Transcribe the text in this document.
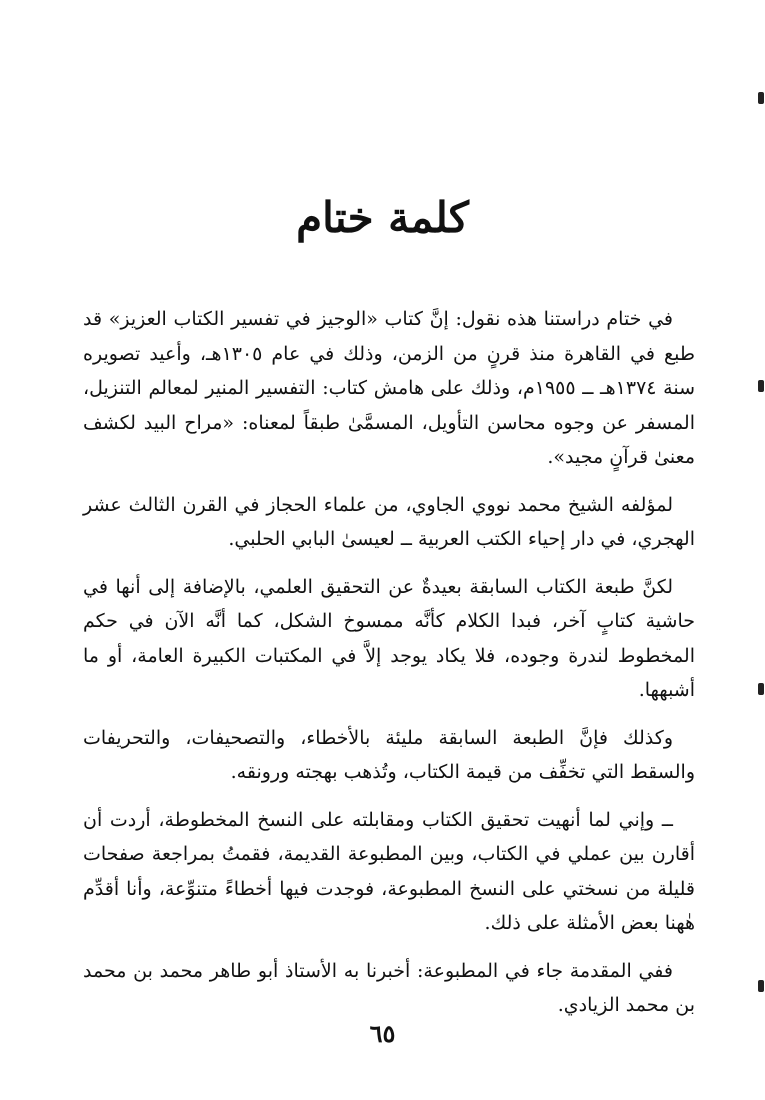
كلمة ختام

في ختام دراستنا هذه نقول: إنَّ كتاب «الوجيز في تفسير الكتاب العزيز» قد طبع في القاهرة منذ قرنٍ من الزمن، وذلك في عام ١٣٠٥هـ، وأعيد تصويره سنة ١٣٧٤هـ ــ ١٩٥٥م، وذلك على هامش كتاب: التفسير المنير لمعالم التنزيل، المسفر عن وجوه محاسن التأويل، المسمَّىٰ طبقاً لمعناه: «مراح البيد لكشف معنىٰ قرآنٍ مجيد».

لمؤلفه الشيخ محمد نووي الجاوي، من علماء الحجاز في القرن الثالث عشر الهجري، في دار إحياء الكتب العربية ــ لعيسىٰ البابي الحلبي.

لكنَّ طبعة الكتاب السابقة بعيدةٌ عن التحقيق العلمي، بالإضافة إلى أنها في حاشية كتابٍ آخر، فبدا الكلام كأنَّه ممسوخ الشكل، كما أنَّه الآن في حكم المخطوط لندرة وجوده، فلا يكاد يوجد إلاَّ في المكتبات الكبيرة العامة، أو ما أشبهها.

وكذلك فإنَّ الطبعة السابقة مليئة بالأخطاء، والتصحيفات، والتحريفات والسقط التي تخفِّف من قيمة الكتاب، وتُذهب بهجته ورونقه.

ــ وإني لما أنهيت تحقيق الكتاب ومقابلته على النسخ المخطوطة، أردت أن أقارن بين عملي في الكتاب، وبين المطبوعة القديمة، فقمتُ بمراجعة صفحات قليلة من نسختي على النسخ المطبوعة، فوجدت فيها أخطاءً متنوِّعة، وأنا أقدِّم هٰهنا بعض الأمثلة على ذلك.

ففي المقدمة جاء في المطبوعة: أخبرنا به الأستاذ أبو طاهر محمد بن محمد بن محمد الزيادي.

٦٥
